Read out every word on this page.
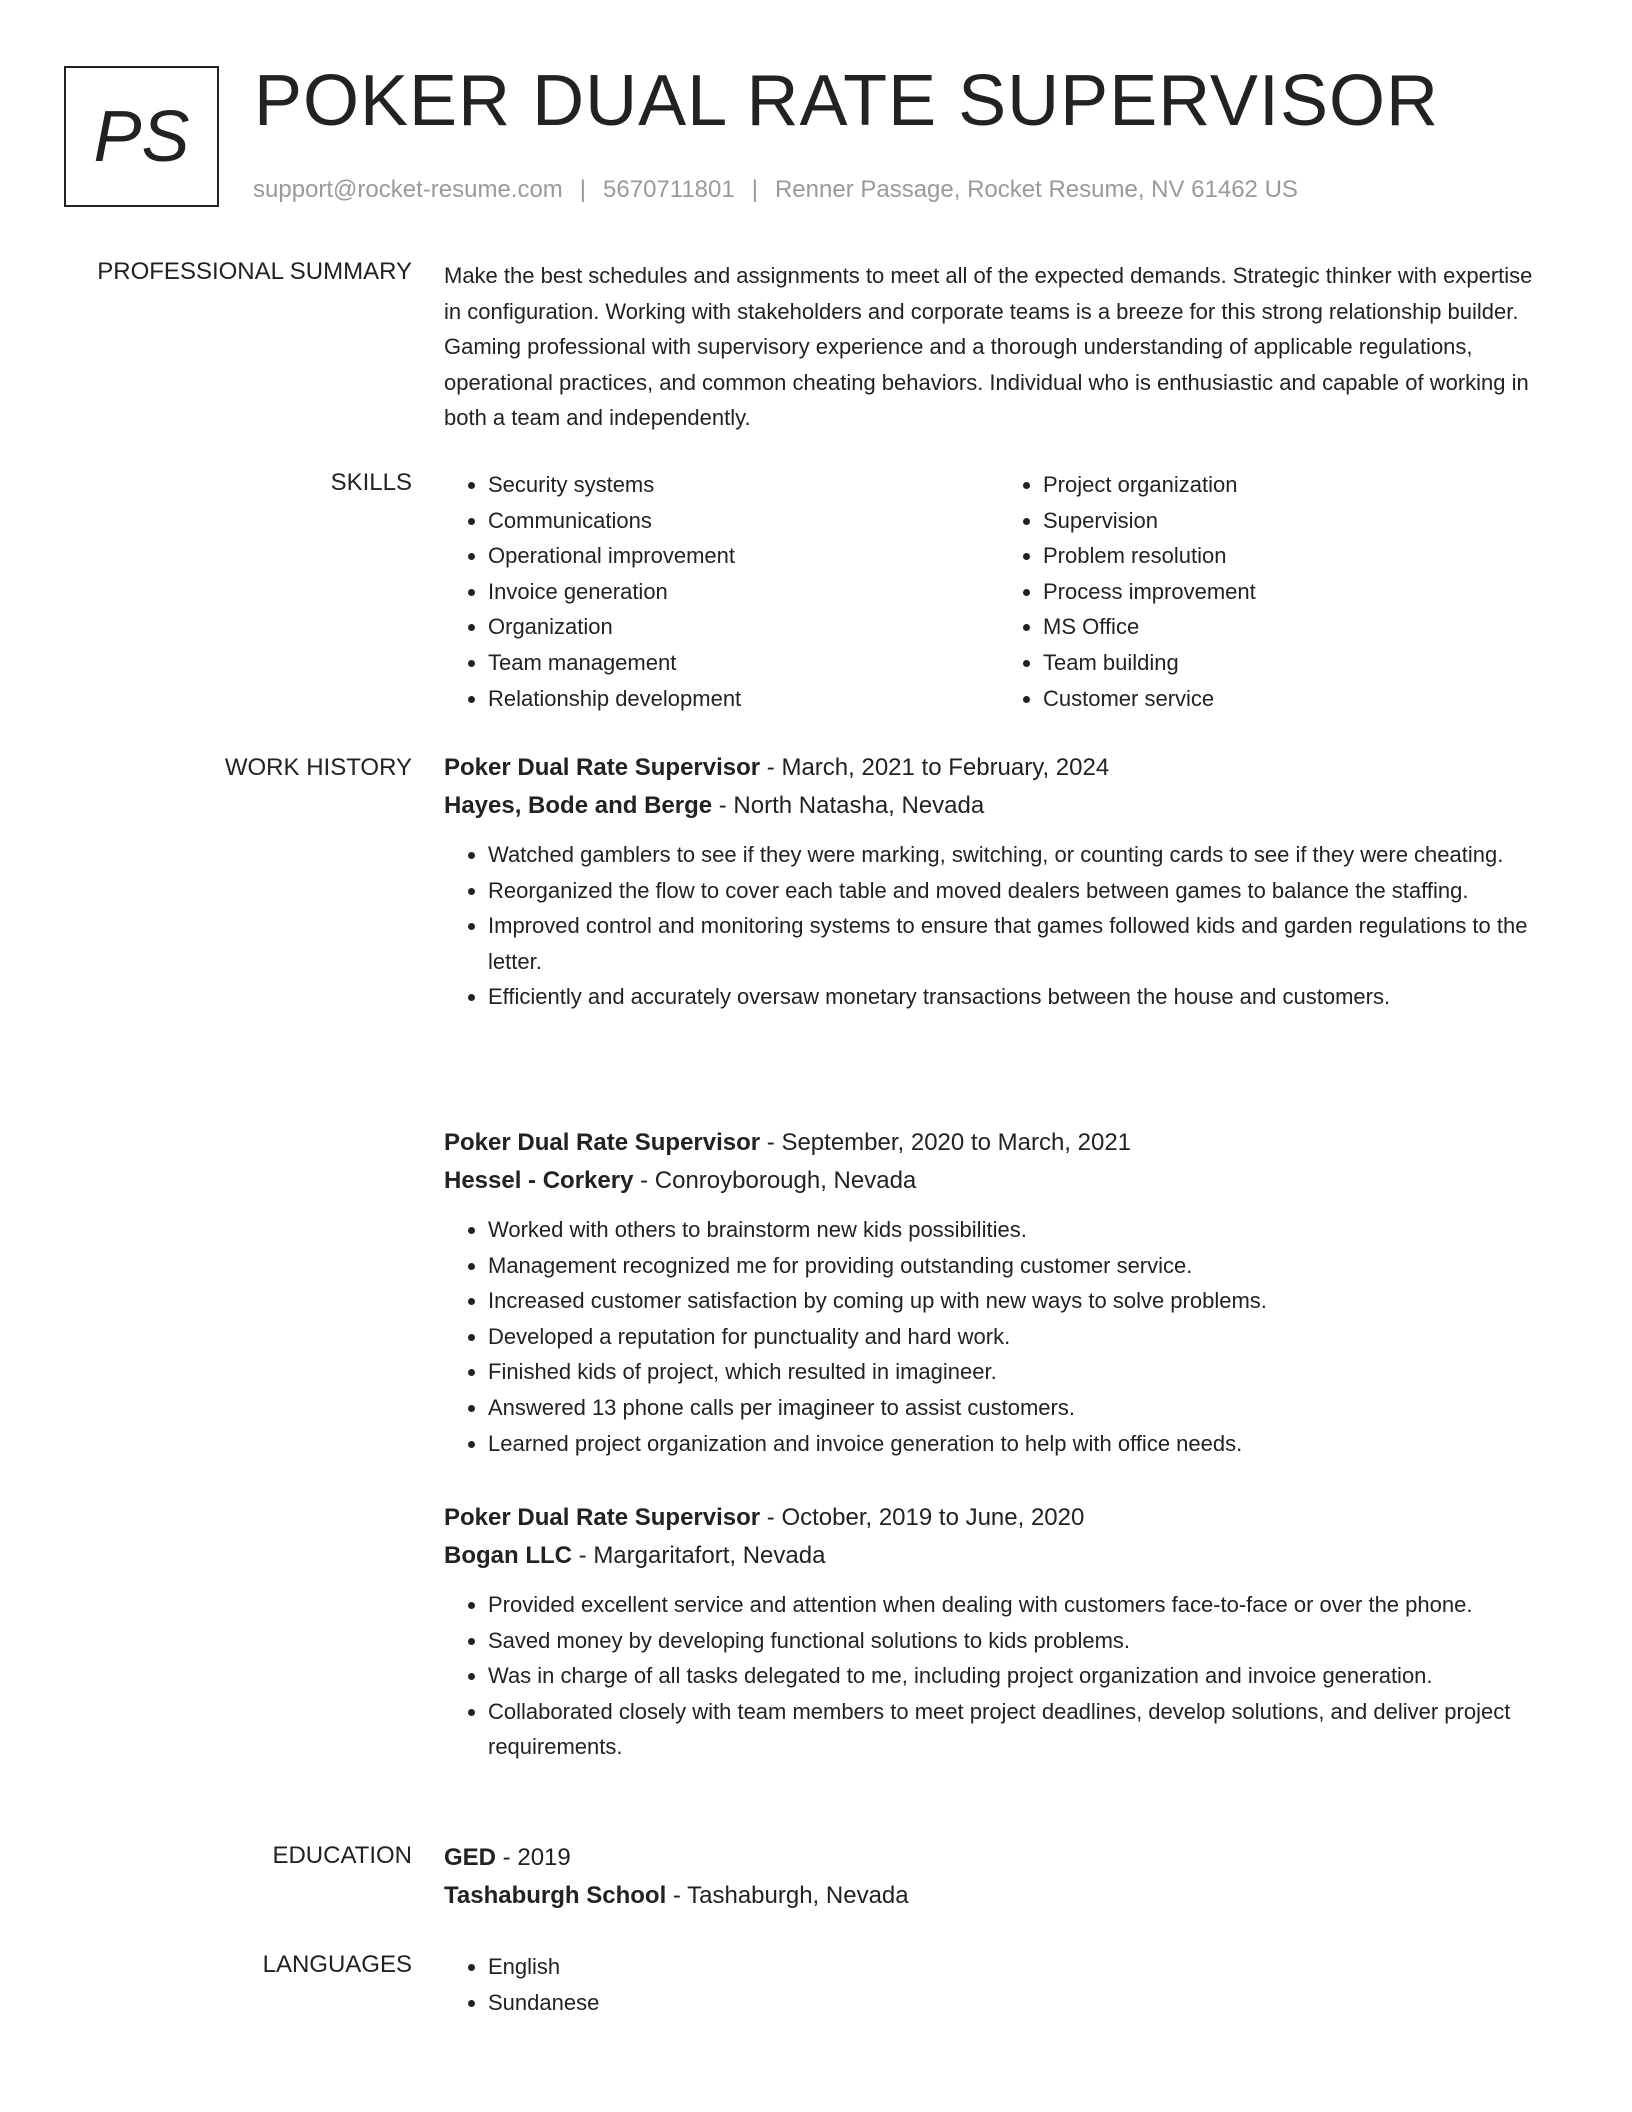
PS POKER DUAL RATE SUPERVISOR
support@rocket-resume.com | 5670711801 | Renner Passage, Rocket Resume, NV 61462 US
PROFESSIONAL SUMMARY Make the best schedules and assignments to meet all of the expected demands. Strategic thinker with expertise in configuration. Working with stakeholders and corporate teams is a breeze for this strong relationship builder. Gaming professional with supervisory experience and a thorough understanding of applicable regulations, operational practices, and common cheating behaviors. Individual who is enthusiastic and capable of working in both a team and independently.

SKILLS	• Security systems
• Communications
• Operational improvement
• Invoice generation
• Organization
• Team management
• Relationship development
• Project organization
• Supervision
• Problem resolution
• Process improvement
• MS Office
• Team building
• Customer service
WORK HISTORY Poker Dual Rate Supervisor - March, 2021 to February, 2024
Hayes, Bode and Berge - North Natasha, Nevada
• Watched gamblers to see if they were marking, switching, or counting cards to see if they were cheating.
• Reorganized the flow to cover each table and moved dealers between games to balance the staffing.
• Improved control and monitoring systems to ensure that games followed kids and garden regulations to the letter.
• Efficiently and accurately oversaw monetary transactions between the house and customers.
Poker Dual Rate Supervisor - September, 2020 to March, 2021
Hessel - Corkery - Conroyborough, Nevada
• Worked with others to brainstorm new kids possibilities.
• Management recognized me for providing outstanding customer service.
• Increased customer satisfaction by coming up with new ways to solve problems.
• Developed a reputation for punctuality and hard work.
• Finished kids of project, which resulted in imagineer.
• Answered 13 phone calls per imagineer to assist customers.
• Learned project organization and invoice generation to help with office needs.
Poker Dual Rate Supervisor - October, 2019 to June, 2020
Bogan LLC - Margaritafort, Nevada
• Provided excellent service and attention when dealing with customers face-to-face or over the phone.
• Saved money by developing functional solutions to kids problems.
• Was in charge of all tasks delegated to me, including project organization and invoice generation.
• Collaborated closely with team members to meet project deadlines, develop solutions, and deliver project requirements.
EDUCATION GED - 2019
Tashaburgh School - Tashaburgh, Nevada
LANGUAGES	• English
• Sundanese
